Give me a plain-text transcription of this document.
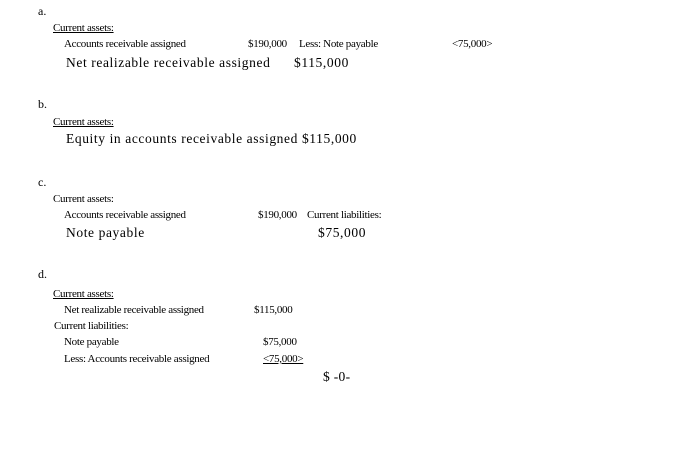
a.
Current assets:
Accounts receivable assigned	$190,000 Less: Note payable	<75,000>
Net realizable receivable assigned $115,000
b.
Current assets:
Equity in accounts receivable assigned $115,000
c.
Current assets:
Accounts receivable assigned	$190,000 Current liabilities:
Note payable	$75,000
d.
Current assets:
Net realizable receivable assigned	$115,000
Current liabilities:
Note payable	$75,000
Less: Accounts receivable assigned	<75,000>
$ -0-
